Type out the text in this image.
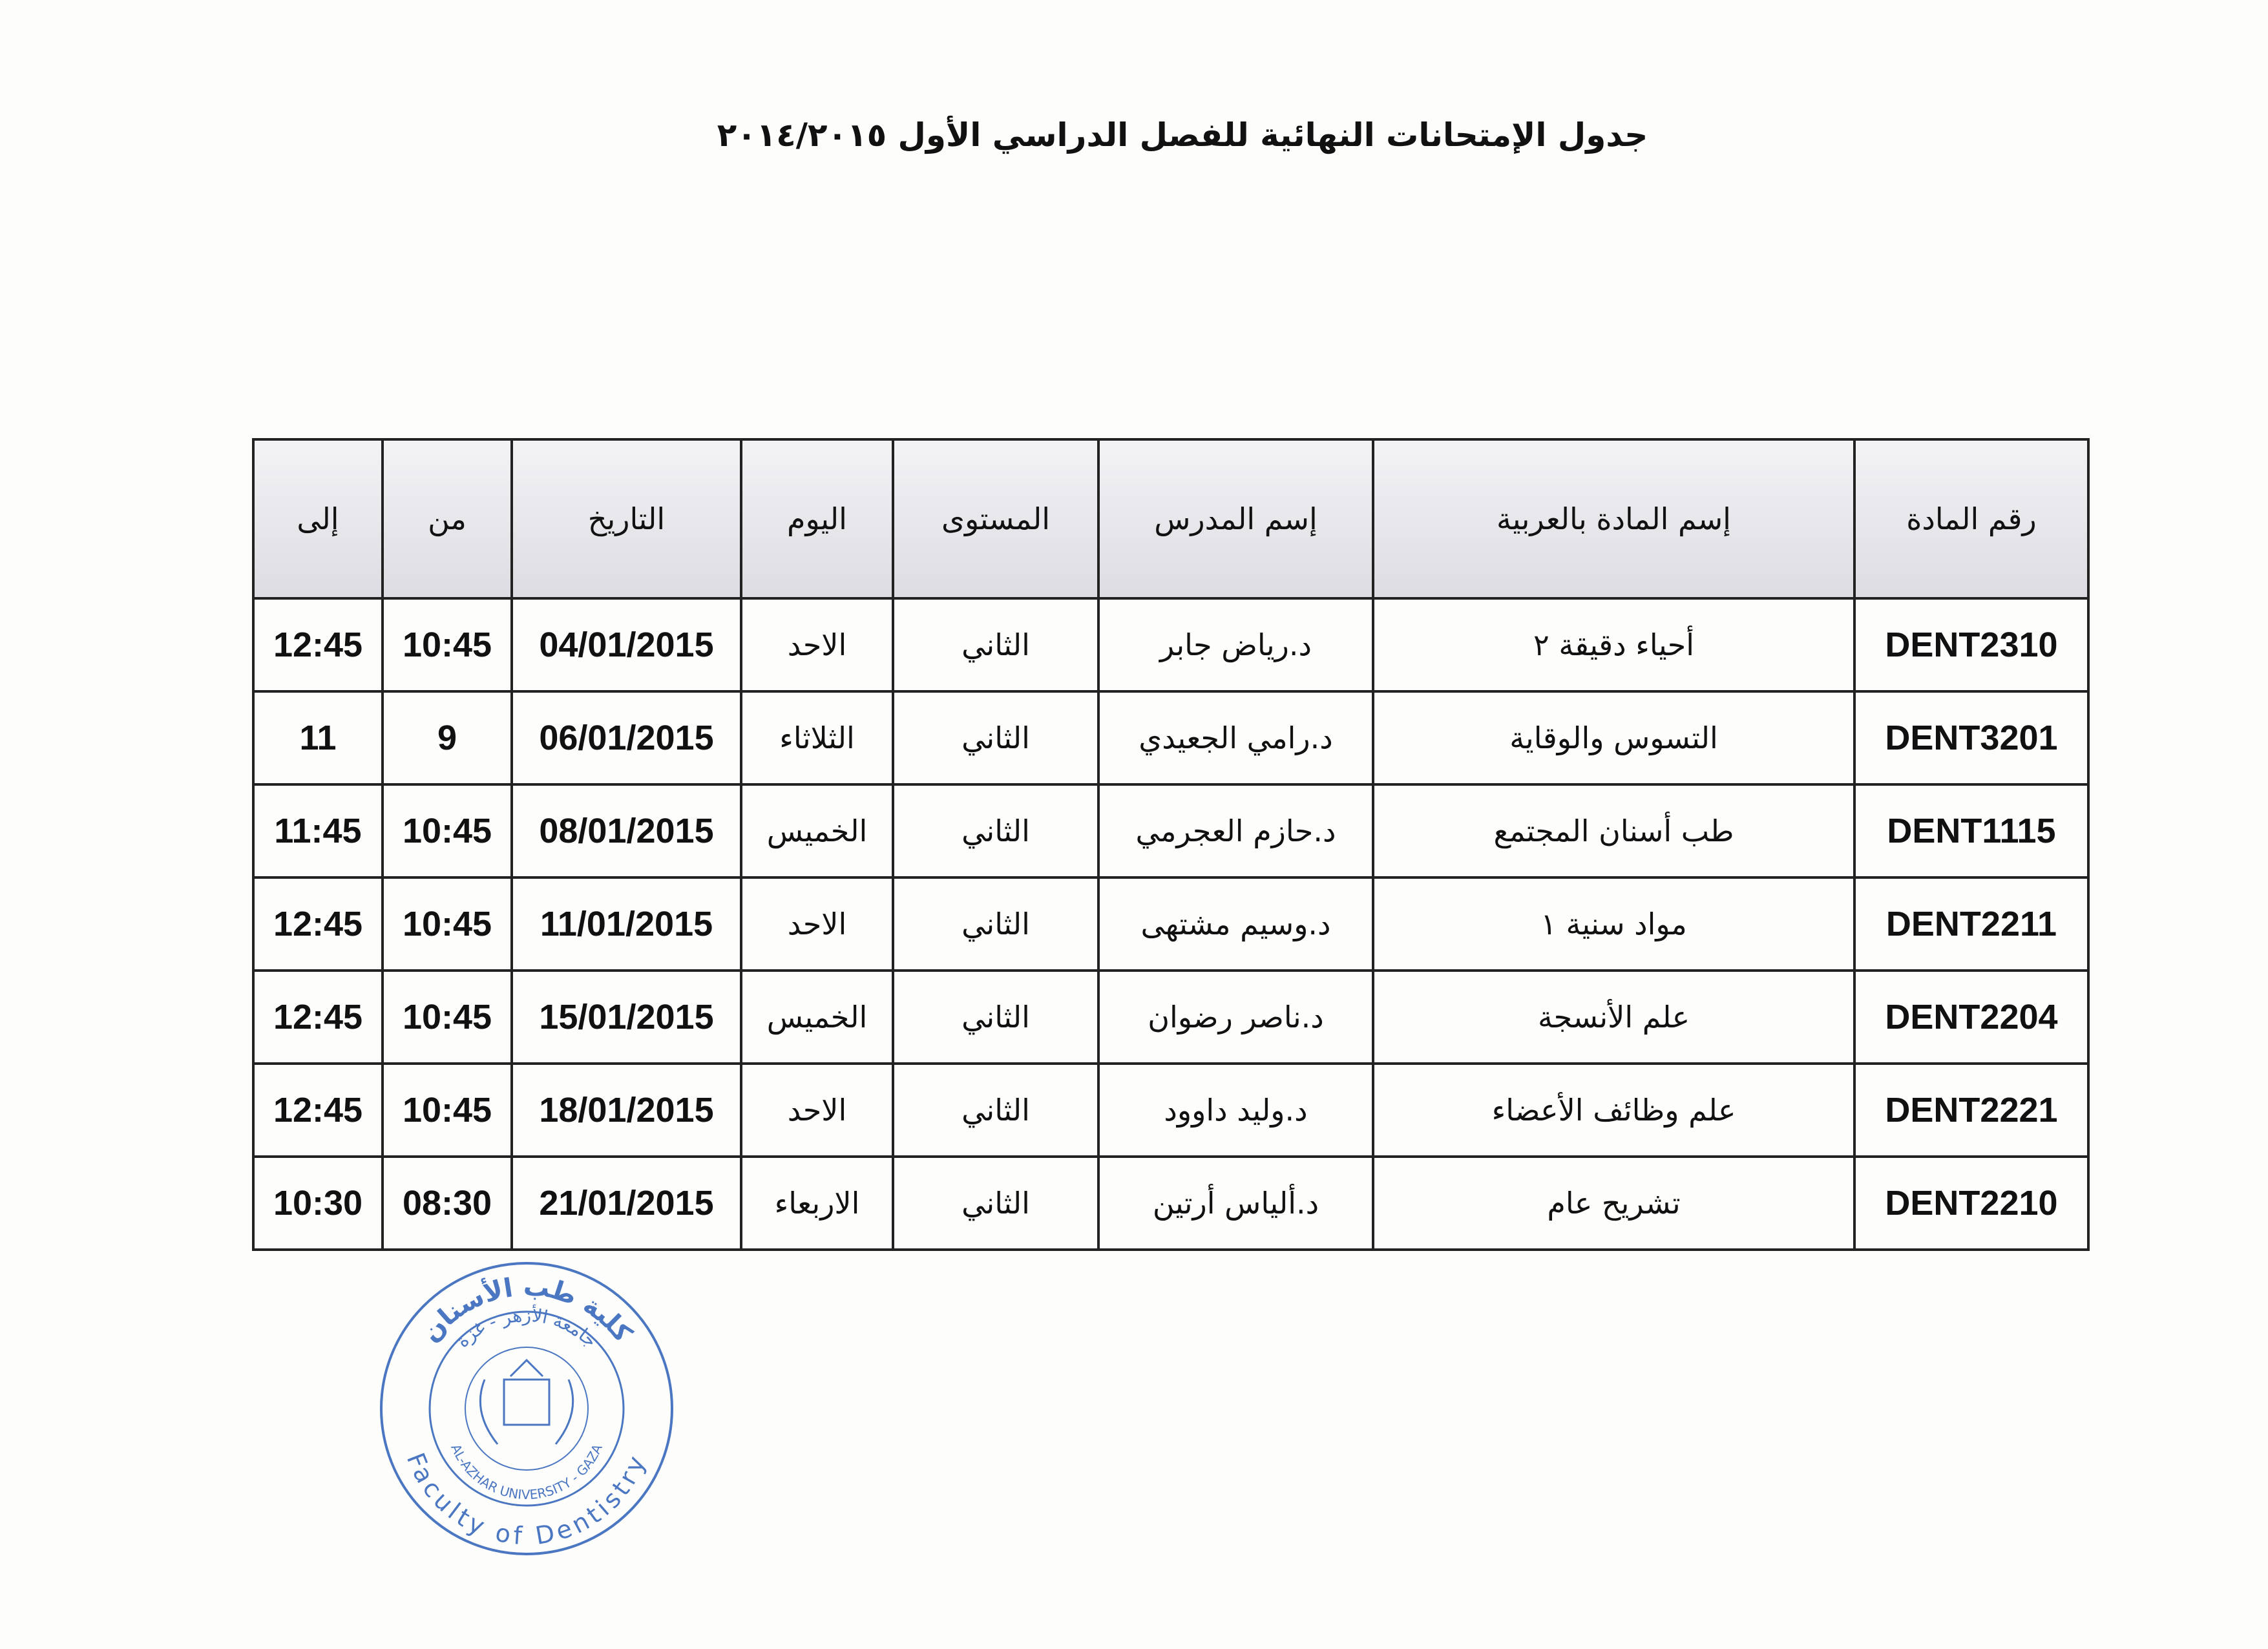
جدول الإمتحانات النهائية للفصل الدراسي الأول ٢٠١٤/٢٠١٥
إلى	من	التاريخ	اليوم	المستوى	إسم المدرس	إسم المادة بالعربية	رقم المادة
12:45	10:45	04/01/2015	الاحد	الثاني	د.رياض جابر	أحياء دقيقة ٢	DENT2310
11	9	06/01/2015	الثلاثاء	الثاني	د.رامي الجعيدي	التسوس والوقاية	DENT3201
11:45	10:45	08/01/2015	الخميس	الثاني	د.حازم العجرمي	طب أسنان المجتمع	DENT1115
12:45	10:45	11/01/2015	الاحد	الثاني	د.وسيم مشتهى	مواد سنية ١	DENT2211
12:45	10:45	15/01/2015	الخميس	الثاني	د.ناصر رضوان	علم الأنسجة	DENT2204
12:45	10:45	18/01/2015	الاحد	الثاني	د.وليد داوود	علم وظائف الأعضاء	DENT2221
10:30	08:30	21/01/2015	الاربعاء	الثاني	د.ألياس أرتين	تشريح عام	DENT2210
كلية طب الأسنان
جامعة الأزهر - غزة
AL-AZHAR UNIVERSITY - GAZA
Faculty of Dentistry
